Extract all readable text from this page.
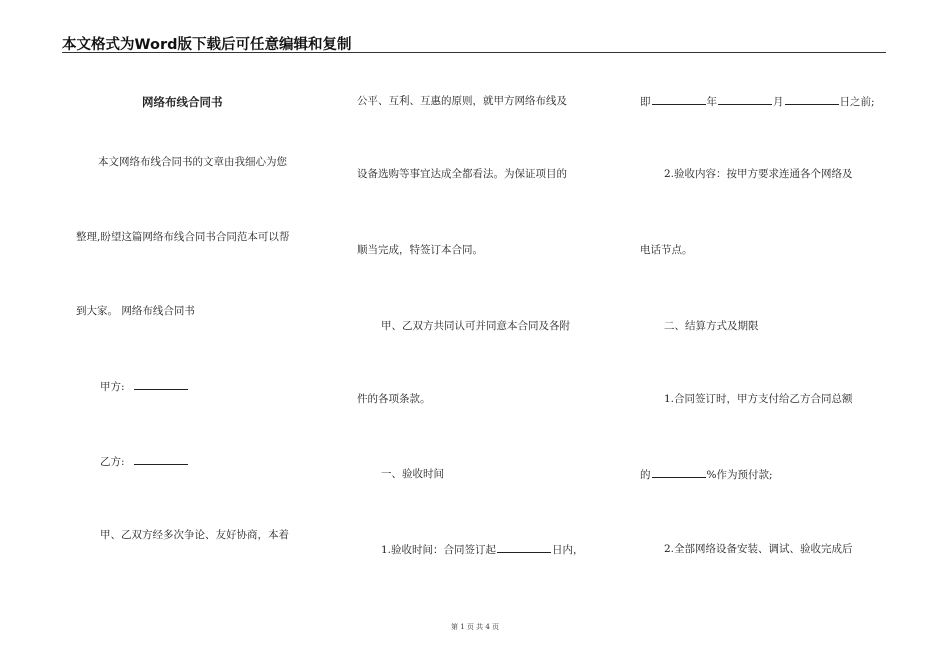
本文格式为Word版下载后可任意编辑和复制
网络布线合同书
本文网络布线合同书的文章由我细心为您
整理,盼望这篇网络布线合同书合同范本可以帮
到大家。 网络布线合同书
甲方:
乙方:
甲、乙双方经多次争论、友好协商，本着
公平、互利、互惠的原则，就甲方网络布线及
设备选购等事宜达成全都看法。为保证项目的
顺当完成，特签订本合同。
甲、乙双方共同认可并同意本合同及各附
件的各项条款。
一、验收时间
1.验收时间：合同签订起	日内，
即	年	月	日之前;
2.验收内容：按甲方要求连通各个网络及
电话节点。
二、结算方式及期限
1.合同签订时，甲方支付给乙方合同总额
的	%作为预付款;
2.全部网络设备安装、调试、验收完成后
第 1 页 共 4 页
